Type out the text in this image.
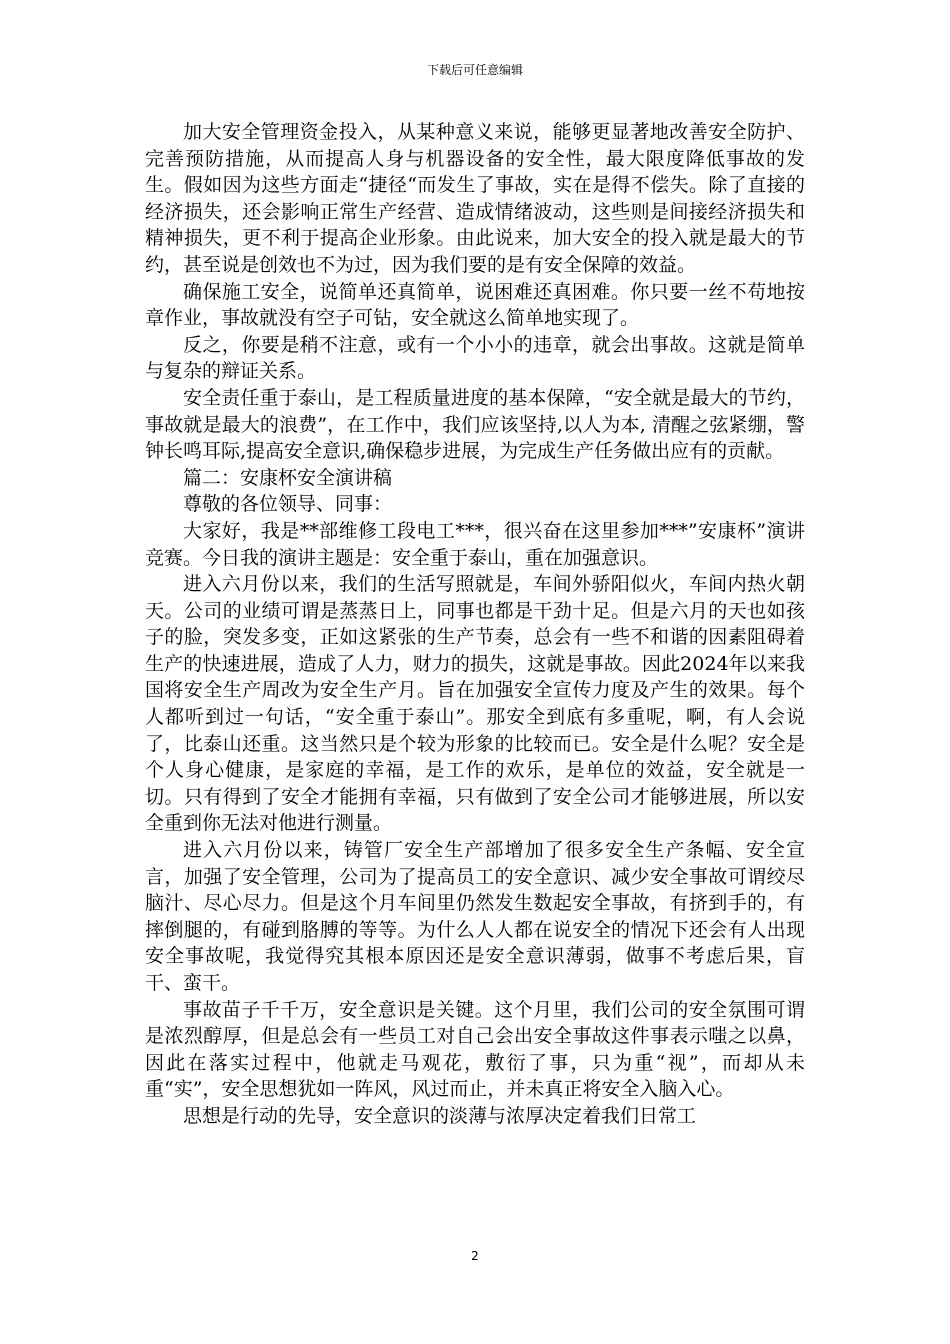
下载后可任意编辑

加大安全管理资金投入，从某种意义来说，能够更显著地改善安全防护、完善预防措施，从而提高人身与机器设备的安全性，最大限度降低事故的发生。假如因为这些方面走“捷径“而发生了事故，实在是得不偿失。除了直接的经济损失，还会影响正常生产经营、造成情绪波动，这些则是间接经济损失和精神损失，更不利于提高企业形象。由此说来，加大安全的投入就是最大的节约，甚至说是创效也不为过，因为我们要的是有安全保障的效益。

确保施工安全，说简单还真简单，说困难还真困难。你只要一丝不苟地按章作业，事故就没有空子可钻，安全就这么简单地实现了。

反之，你要是稍不注意，或有一个小小的违章，就会出事故。这就是简单与复杂的辩证关系。

安全责任重于泰山，是工程质量进度的基本保障，“安全就是最大的节约，事故就是最大的浪费”，在工作中，我们应该坚持,以人为本, 清醒之弦紧绷，警钟长鸣耳际,提高安全意识,确保稳步进展，为完成生产任务做出应有的贡献。

篇二：安康杯安全演讲稿

尊敬的各位领导、同事：

大家好，我是**部维修工段电工***，很兴奋在这里参加***”安康杯”演讲竞赛。今日我的演讲主题是：安全重于泰山，重在加强意识。

进入六月份以来，我们的生活写照就是，车间外骄阳似火，车间内热火朝天。公司的业绩可谓是蒸蒸日上，同事也都是干劲十足。但是六月的天也如孩子的脸，突发多变，正如这紧张的生产节奏，总会有一些不和谐的因素阻碍着生产的快速进展，造成了人力，财力的损失，这就是事故。因此2024年以来我国将安全生产周改为安全生产月。旨在加强安全宣传力度及产生的效果。每个人都听到过一句话，“安全重于泰山”。那安全到底有多重呢，啊，有人会说了，比泰山还重。这当然只是个较为形象的比较而已。安全是什么呢？安全是个人身心健康，是家庭的幸福，是工作的欢乐，是单位的效益，安全就是一切。只有得到了安全才能拥有幸福，只有做到了安全公司才能够进展，所以安全重到你无法对他进行测量。

进入六月份以来，铸管厂安全生产部增加了很多安全生产条幅、安全宣言，加强了安全管理，公司为了提高员工的安全意识、减少安全事故可谓绞尽脑汁、尽心尽力。但是这个月车间里仍然发生数起安全事故，有挤到手的，有摔倒腿的，有碰到胳膊的等等。为什么人人都在说安全的情况下还会有人出现安全事故呢，我觉得究其根本原因还是安全意识薄弱，做事不考虑后果，盲干、蛮干。

事故苗子千千万，安全意识是关键。这个月里，我们公司的安全氛围可谓是浓烈醇厚，但是总会有一些员工对自己会出安全事故这件事表示嗤之以鼻，因此在落实过程中，他就走马观花，敷衍了事，只为重“视”，而却从未重“实”，安全思想犹如一阵风，风过而止，并未真正将安全入脑入心。

思想是行动的先导，安全意识的淡薄与浓厚决定着我们日常工

2
